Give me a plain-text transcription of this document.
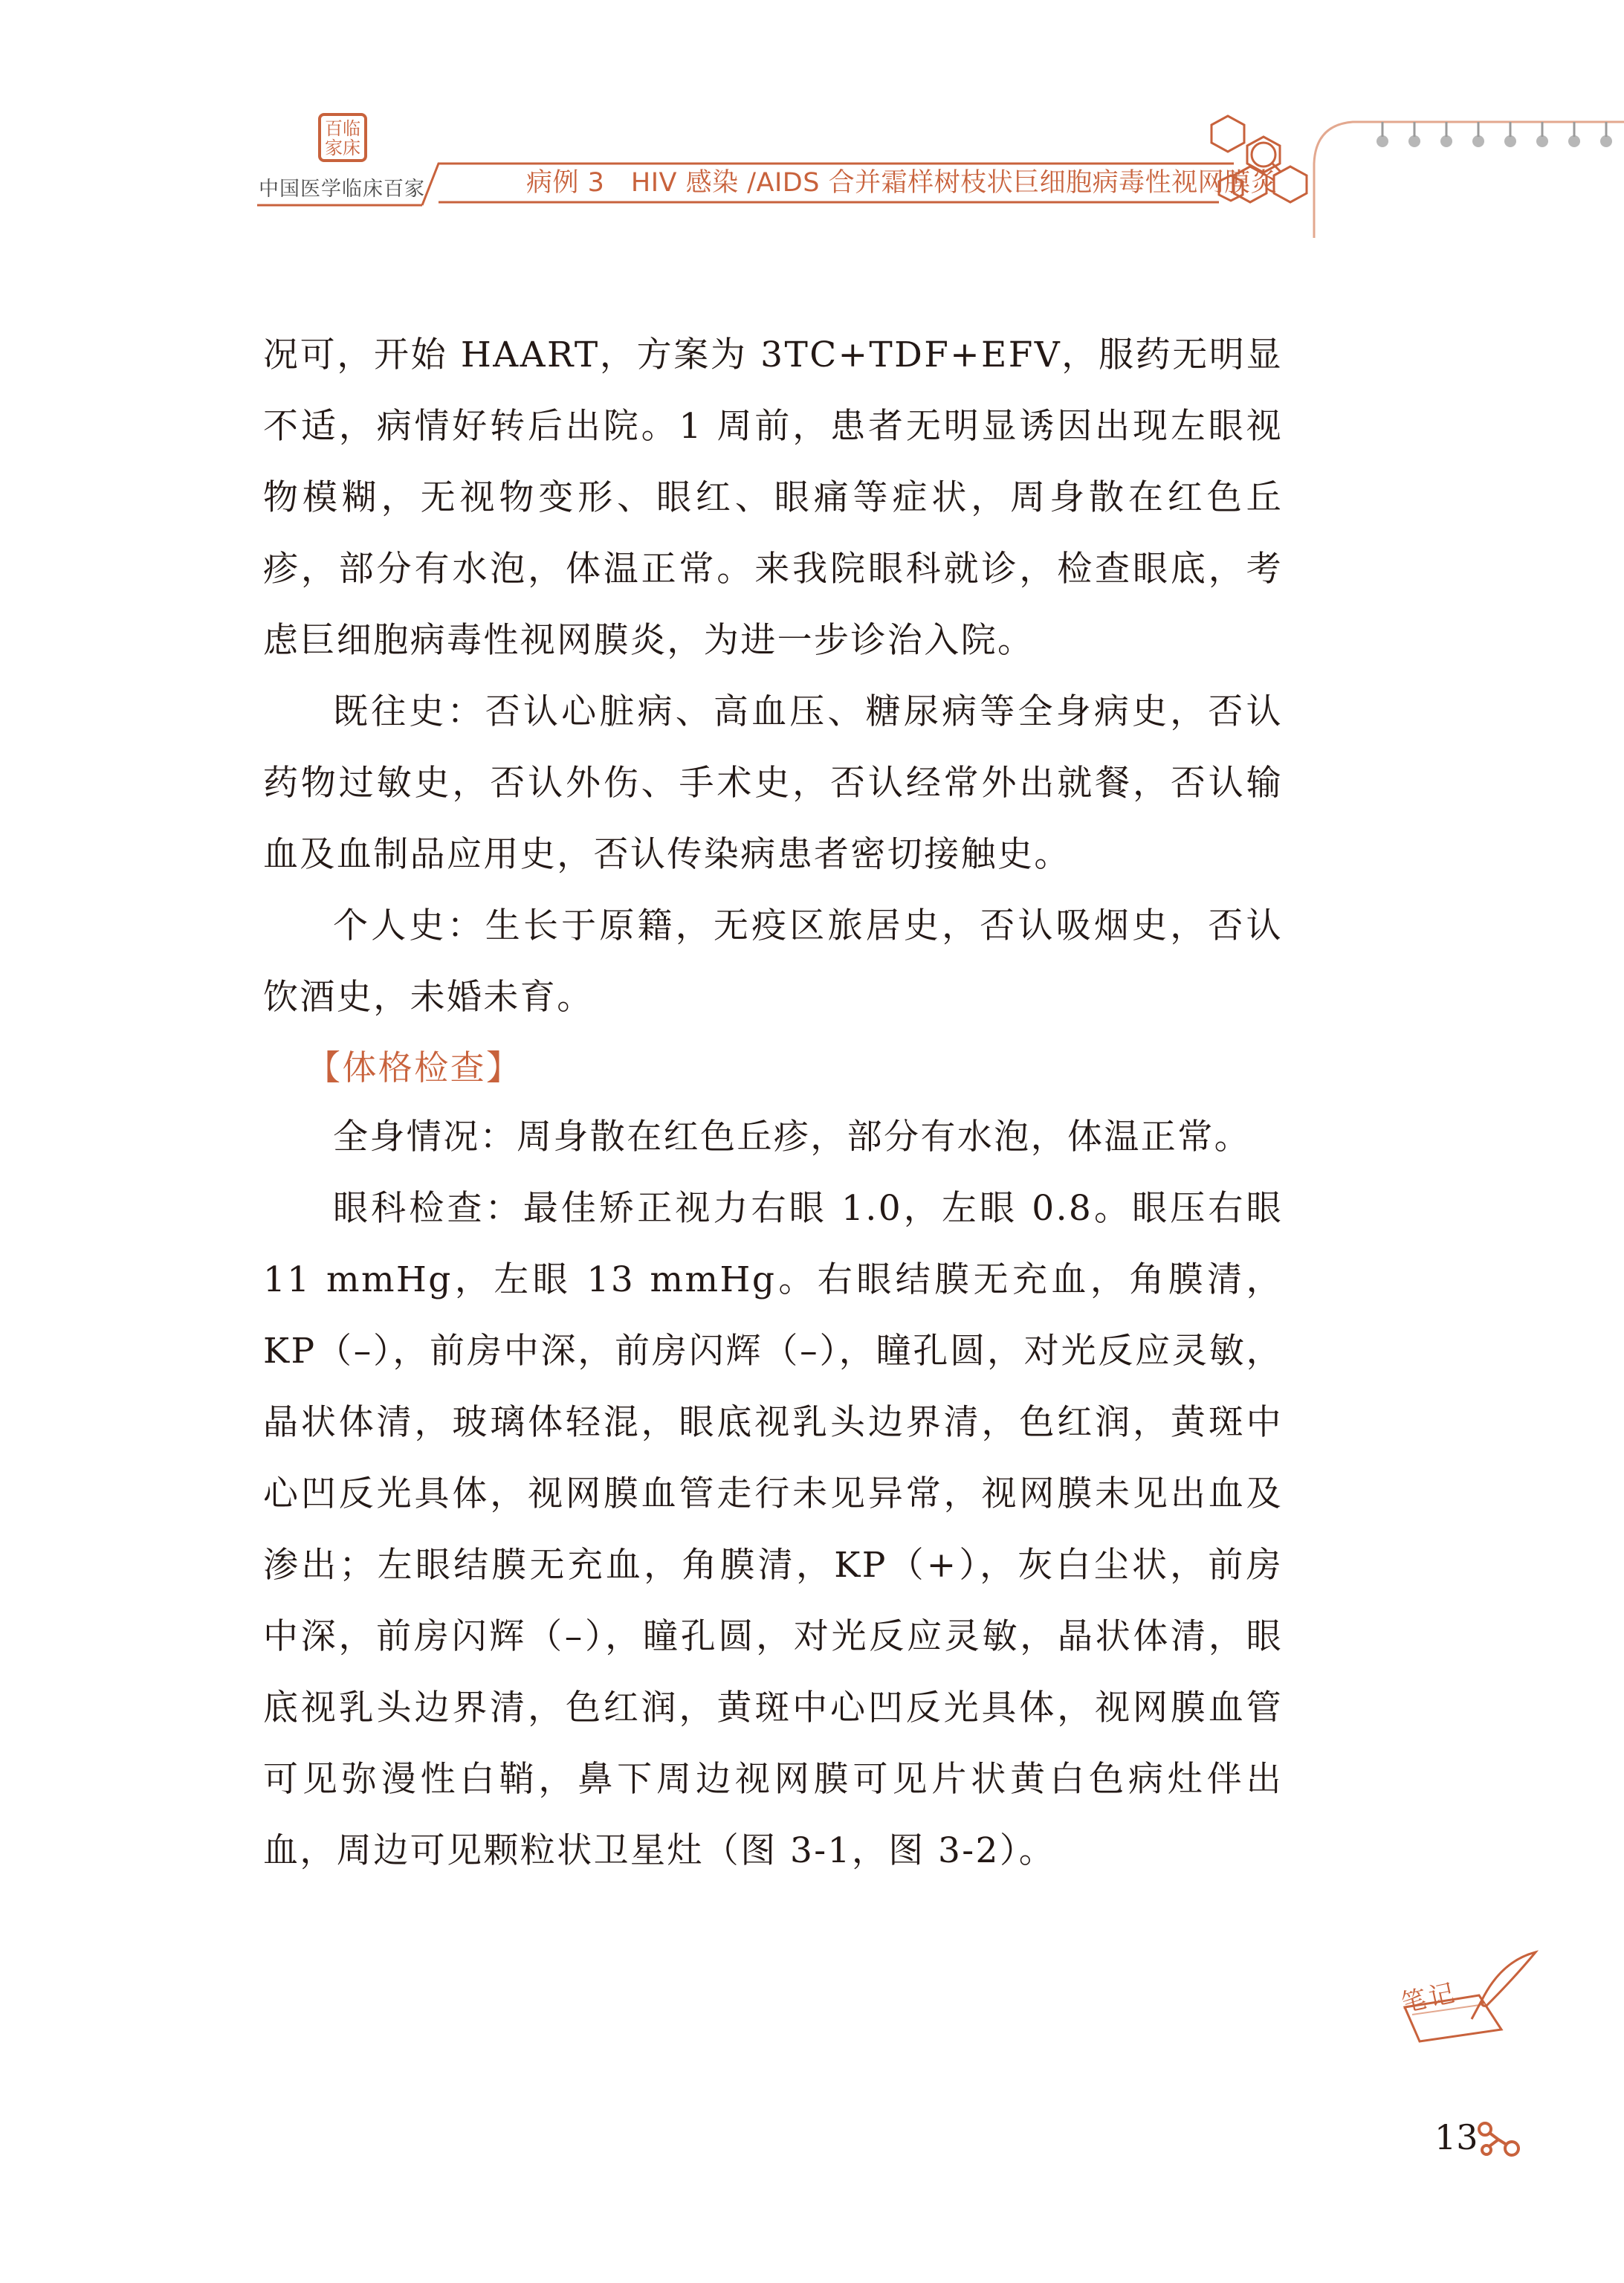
百临家床
中国医学临床百家	病例 3　HIV 感染 /AIDS 合并霜样树枝状巨细胞病毒性视网膜炎

况可，开始 HAART，方案为 3TC+TDF+EFV，服药无明显不适，病情好转后出院。1 周前，患者无明显诱因出现左眼视物模糊，无视物变形、眼红、眼痛等症状，周身散在红色丘疹，部分有水泡，体温正常。来我院眼科就诊，检查眼底，考虑巨细胞病毒性视网膜炎，为进一步诊治入院。

既往史：否认心脏病、高血压、糖尿病等全身病史，否认药物过敏史，否认外伤、手术史，否认经常外出就餐，否认输血及血制品应用史，否认传染病患者密切接触史。

个人史：生长于原籍，无疫区旅居史，否认吸烟史，否认饮酒史，未婚未育。

【体格检查】

全身情况：周身散在红色丘疹，部分有水泡，体温正常。

眼科检查：最佳矫正视力右眼 1.0，左眼 0.8。眼压右眼 11 mmHg，左眼 13 mmHg。右眼结膜无充血，角膜清，KP（–），前房中深，前房闪辉（–），瞳孔圆，对光反应灵敏，晶状体清，玻璃体轻混，眼底视乳头边界清，色红润，黄斑中心凹反光具体，视网膜血管走行未见异常，视网膜未见出血及渗出；左眼结膜无充血，角膜清，KP（+），灰白尘状，前房中深，前房闪辉（–），瞳孔圆，对光反应灵敏，晶状体清，眼底视乳头边界清，色红润，黄斑中心凹反光具体，视网膜血管可见弥漫性白鞘，鼻下周边视网膜可见片状黄白色病灶伴出血，周边可见颗粒状卫星灶（图 3-1，图 3-2）。

笔记
13
